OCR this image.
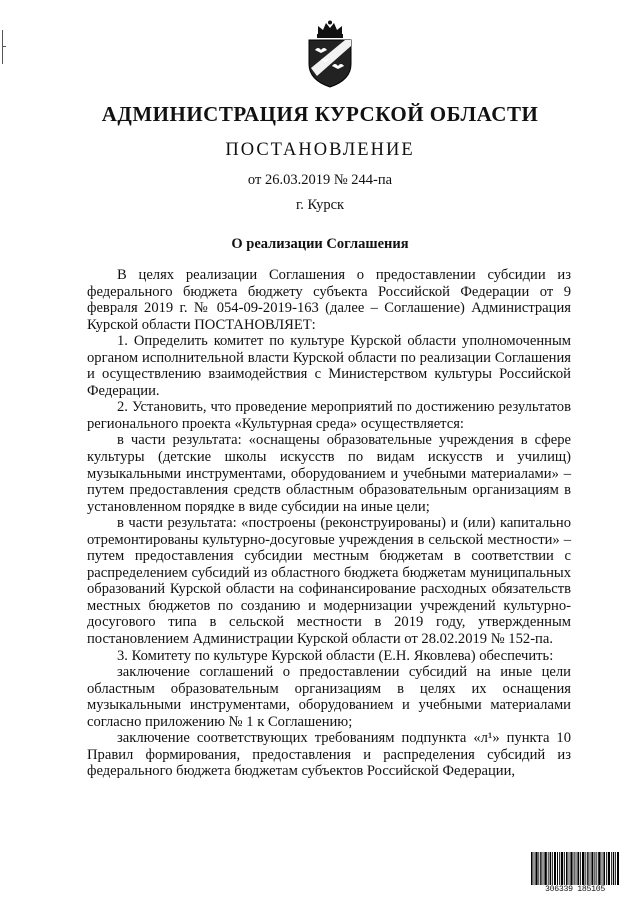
АДМИНИСТРАЦИЯ КУРСКОЙ ОБЛАСТИ
ПОСТАНОВЛЕНИЕ
от 26.03.2019 № 244-па
г. Курск
О реализации Соглашения

В целях реализации Соглашения о предоставлении субсидии из федерального бюджета бюджету субъекта Российской Федерации от 9 февраля 2019 г. № 054-09-2019-163 (далее – Соглашение) Администрация Курской области ПОСТАНОВЛЯЕТ:

1. Определить комитет по культуре Курской области уполномоченным органом исполнительной власти Курской области по реализации Соглашения и осуществлению взаимодействия с Министерством культуры Российской Федерации.

2. Установить, что проведение мероприятий по достижению результатов регионального проекта «Культурная среда» осуществляется:

в части результата: «оснащены образовательные учреждения в сфере культуры (детские школы искусств по видам искусств и училищ) музыкальными инструментами, оборудованием и учебными материалами» – путем предоставления средств областным образовательным организациям в установленном порядке в виде субсидии на иные цели;

в части результата: «построены (реконструированы) и (или) капитально отремонтированы культурно-досуговые учреждения в сельской местности» – путем предоставления субсидии местным бюджетам в соответствии с распределением субсидий из областного бюджета бюджетам муниципальных образований Курской области на софинансирование расходных обязательств местных бюджетов по созданию и модернизации учреждений культурно-досугового типа в сельской местности в 2019 году, утвержденным постановлением Администрации Курской области от 28.02.2019 № 152-па.

3. Комитету по культуре Курской области (Е.Н. Яковлева) обеспечить:

заключение соглашений о предоставлении субсидий на иные цели областным образовательным организациям в целях их оснащения музыкальными инструментами, оборудованием и учебными материалами согласно приложению № 1 к Соглашению;

заключение соответствующих требованиям подпункта «л¹» пункта 10 Правил формирования, предоставления и распределения субсидий из федерального бюджета бюджетам субъектов Российской Федерации,

306339 185105
